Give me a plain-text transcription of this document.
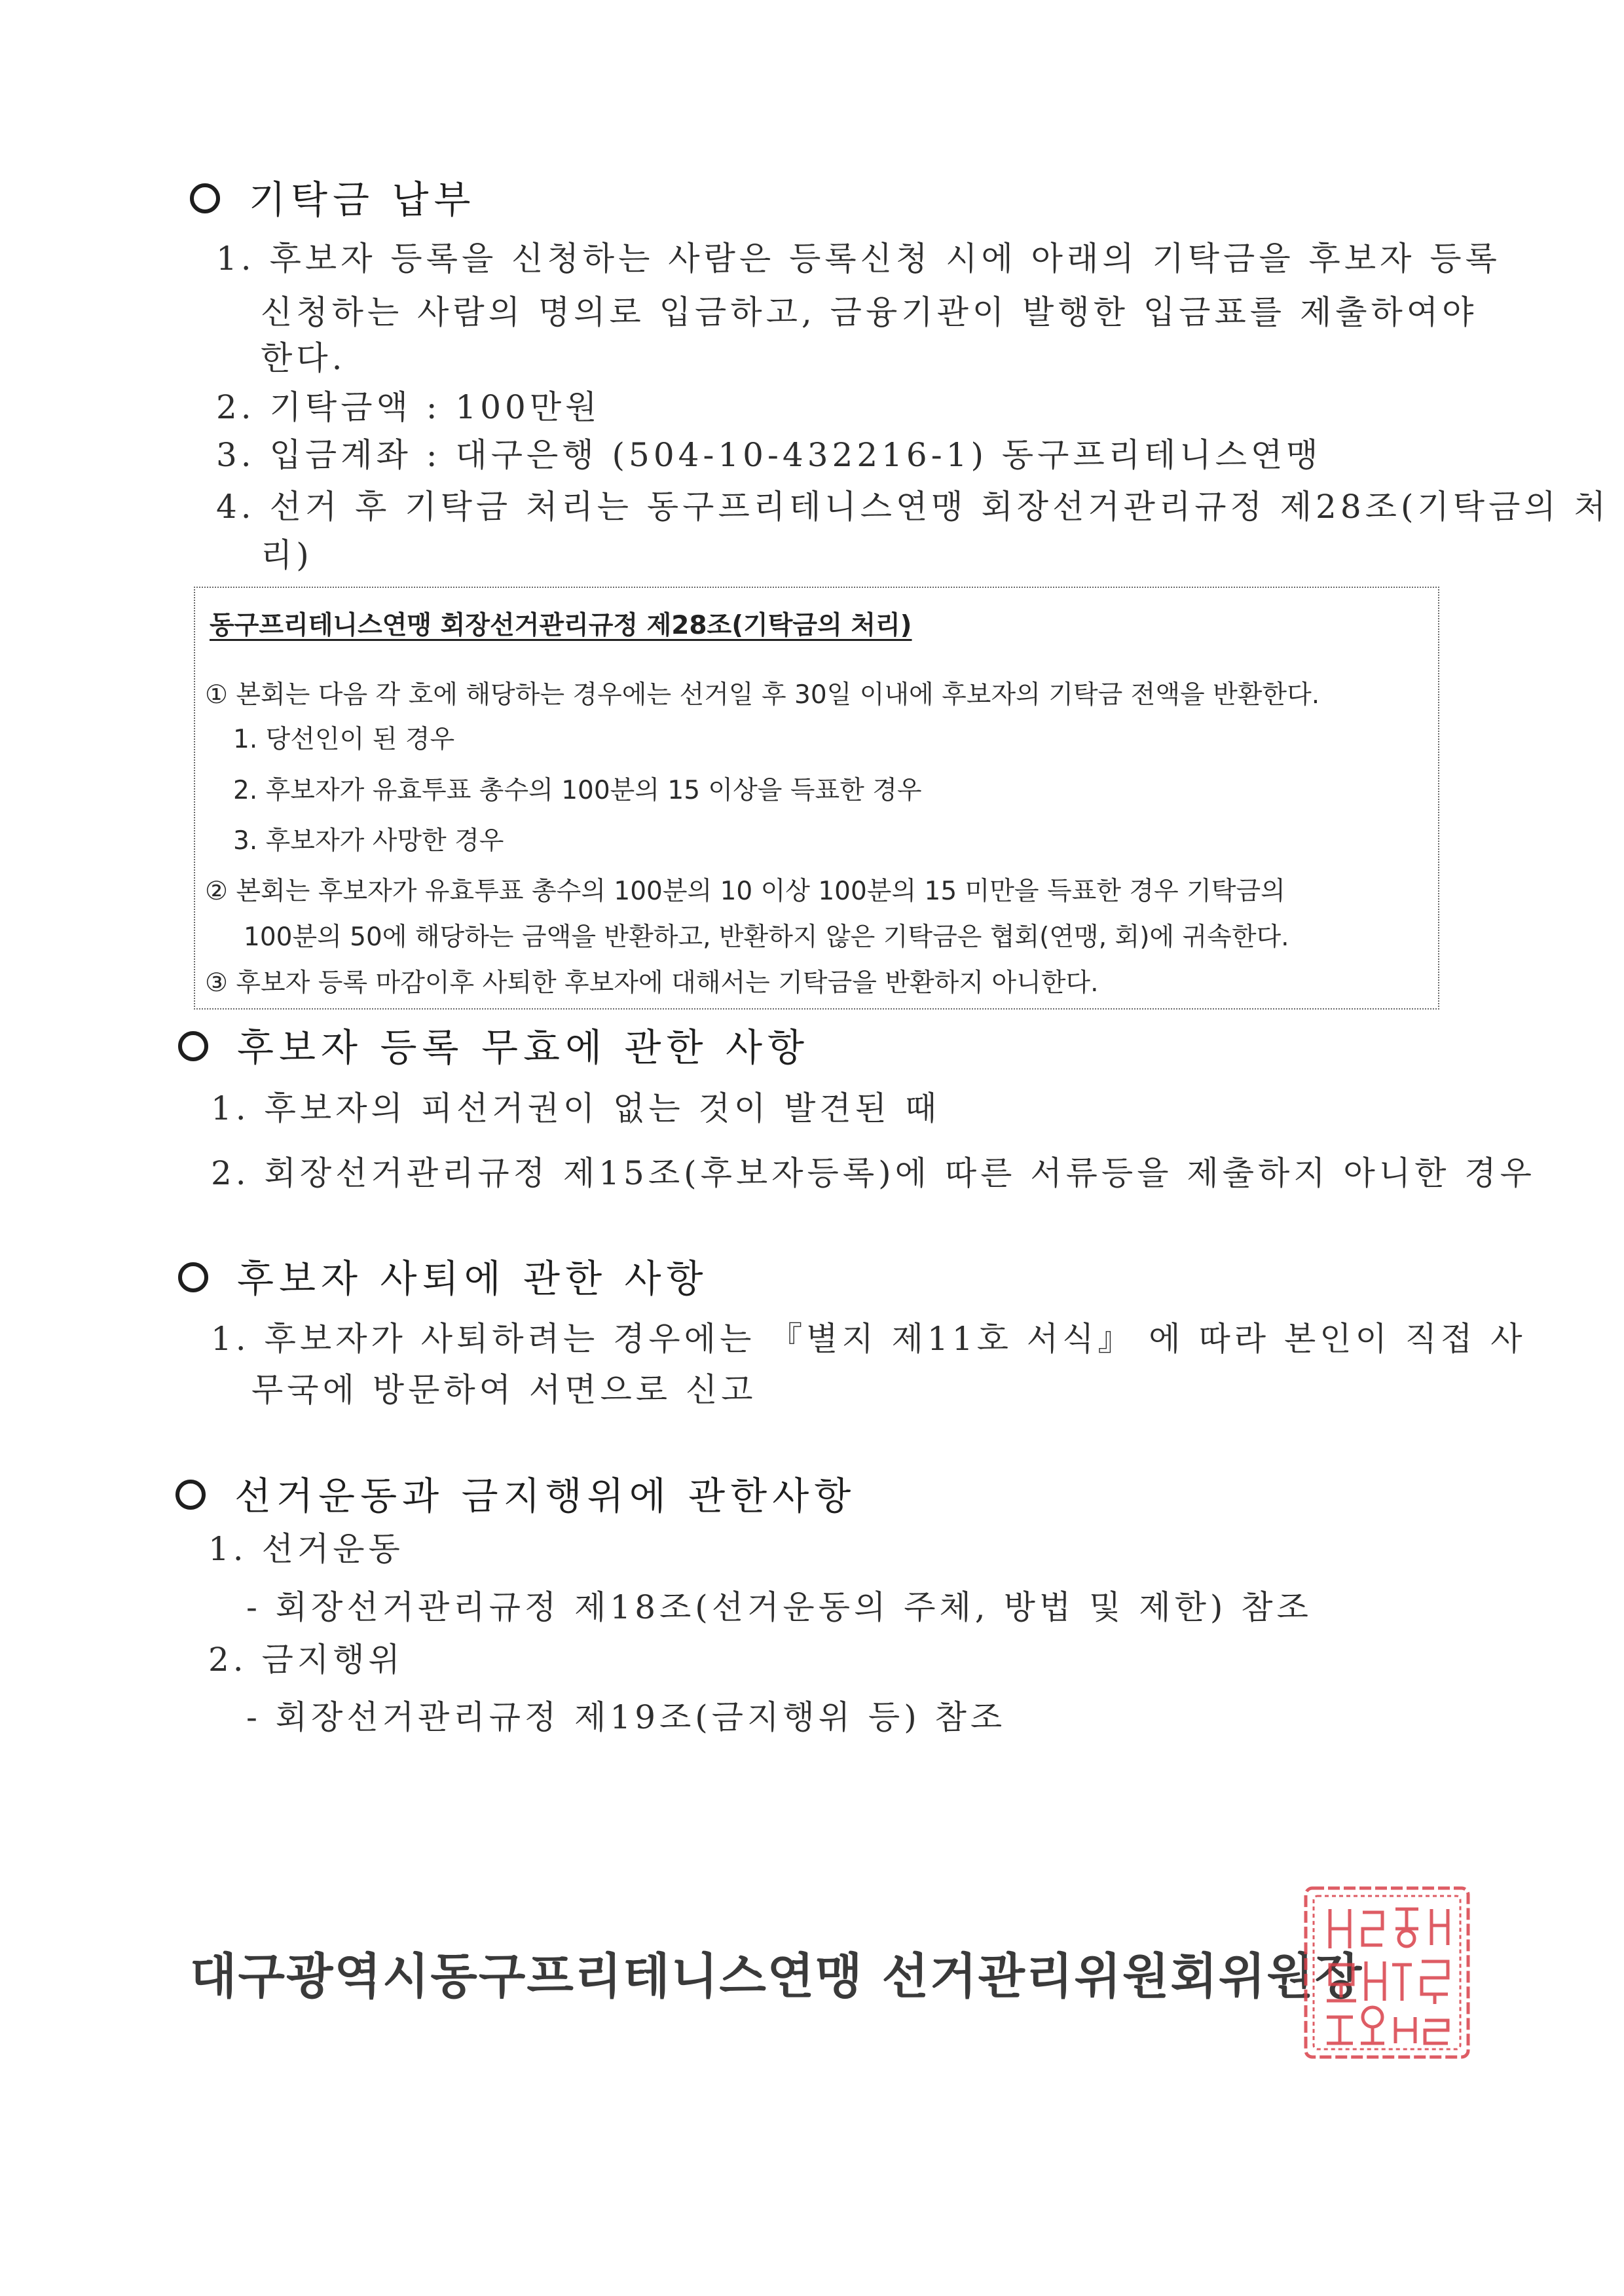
기탁금 납부
1. 후보자 등록을 신청하는 사람은 등록신청 시에 아래의 기탁금을 후보자 등록
신청하는 사람의 명의로 입금하고, 금융기관이 발행한 입금표를 제출하여야
한다.
2. 기탁금액 : 100만원
3. 입금계좌 : 대구은행 (504-10-432216-1) 동구프리테니스연맹
4. 선거 후 기탁금 처리는 동구프리테니스연맹 회장선거관리규정 제28조(기탁금의 처
리)
동구프리테니스연맹 회장선거관리규정 제28조(기탁금의 처리)
① 본회는 다음 각 호에 해당하는 경우에는 선거일 후 30일 이내에 후보자의 기탁금 전액을 반환한다.
1. 당선인이 된 경우
2. 후보자가 유효투표 총수의 100분의 15 이상을 득표한 경우
3. 후보자가 사망한 경우
② 본회는 후보자가 유효투표 총수의 100분의 10 이상 100분의 15 미만을 득표한 경우 기탁금의
100분의 50에 해당하는 금액을 반환하고, 반환하지 않은 기탁금은 협회(연맹, 회)에 귀속한다.
③ 후보자 등록 마감이후 사퇴한 후보자에 대해서는 기탁금을 반환하지 아니한다.
후보자 등록 무효에 관한 사항
1. 후보자의 피선거권이 없는 것이 발견된 때
2. 회장선거관리규정 제15조(후보자등록)에 따른 서류등을 제출하지 아니한 경우
후보자 사퇴에 관한 사항
1. 후보자가 사퇴하려는 경우에는 『별지 제11호 서식』 에 따라 본인이 직접 사
무국에 방문하여 서면으로 신고
선거운동과 금지행위에 관한사항
1. 선거운동
- 회장선거관리규정 제18조(선거운동의 주체, 방법 및 제한) 참조
2. 금지행위
- 회장선거관리규정 제19조(금지행위 등) 참조
대구광역시동구프리테니스연맹 선거관리위원회위원장
